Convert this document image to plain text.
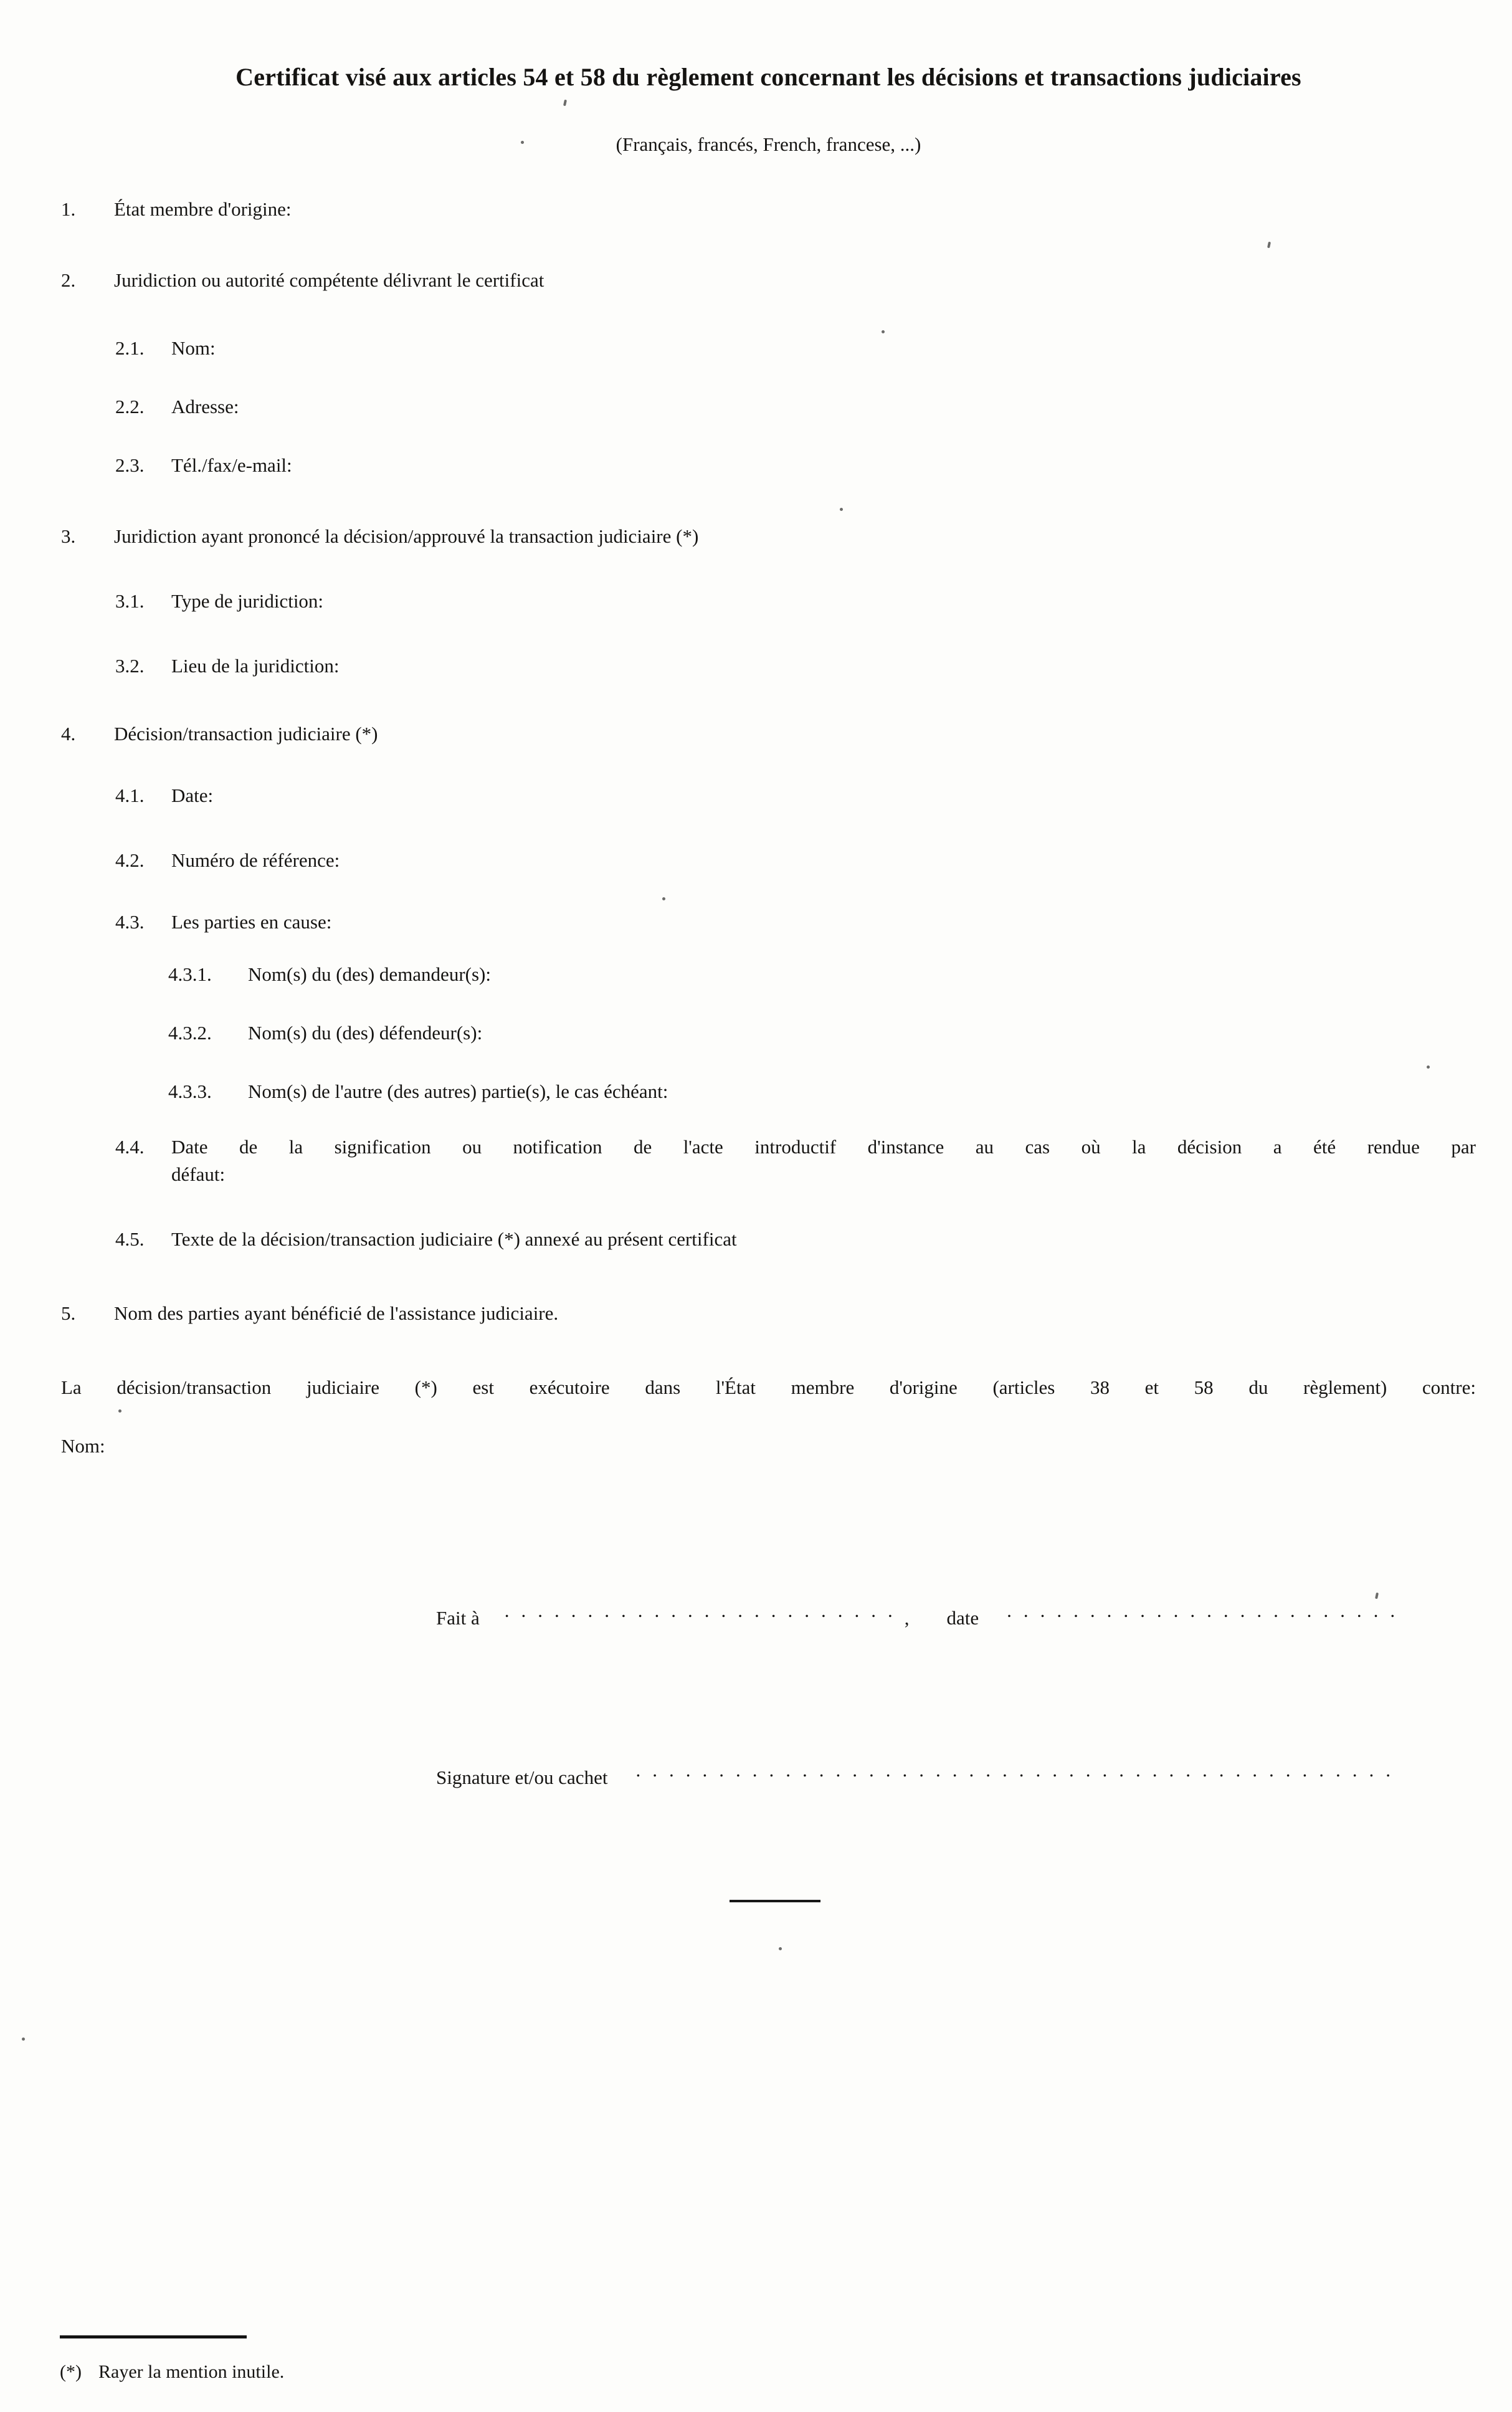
Certificat visé aux articles 54 et 58 du règlement concernant les décisions et transactions judiciaires
(Français, francés, French, francese, ...)
1.	État membre d'origine:
2.	Juridiction ou autorité compétente délivrant le certificat
2.1.	Nom:
2.2.	Adresse:
2.3.	Tél./fax/e-mail:
3.	Juridiction ayant prononcé la décision/approuvé la transaction judiciaire (*)
3.1.	Type de juridiction:
3.2.	Lieu de la juridiction:
4.	Décision/transaction judiciaire (*)
4.1.	Date:
4.2.	Numéro de référence:
4.3.	Les parties en cause:
4.3.1.	Nom(s) du (des) demandeur(s):
4.3.2.	Nom(s) du (des) défendeur(s):
4.3.3.	Nom(s) de l'autre (des autres) partie(s), le cas échéant:
4.4.	Date de la signification ou notification de l'acte introductif d'instance au cas où la décision a été rendue par
défaut:
4.5.	Texte de la décision/transaction judiciaire (*) annexé au présent certificat
5.	Nom des parties ayant bénéficié de l'assistance judiciaire.
La décision/transaction judiciaire (*) est exécutoire dans l'État membre d'origine (articles 38 et 58 du règlement) contre:
Nom:
Fait à ........................, date ........................
Signature et/ou cachet ..............................................
(*) Rayer la mention inutile.
